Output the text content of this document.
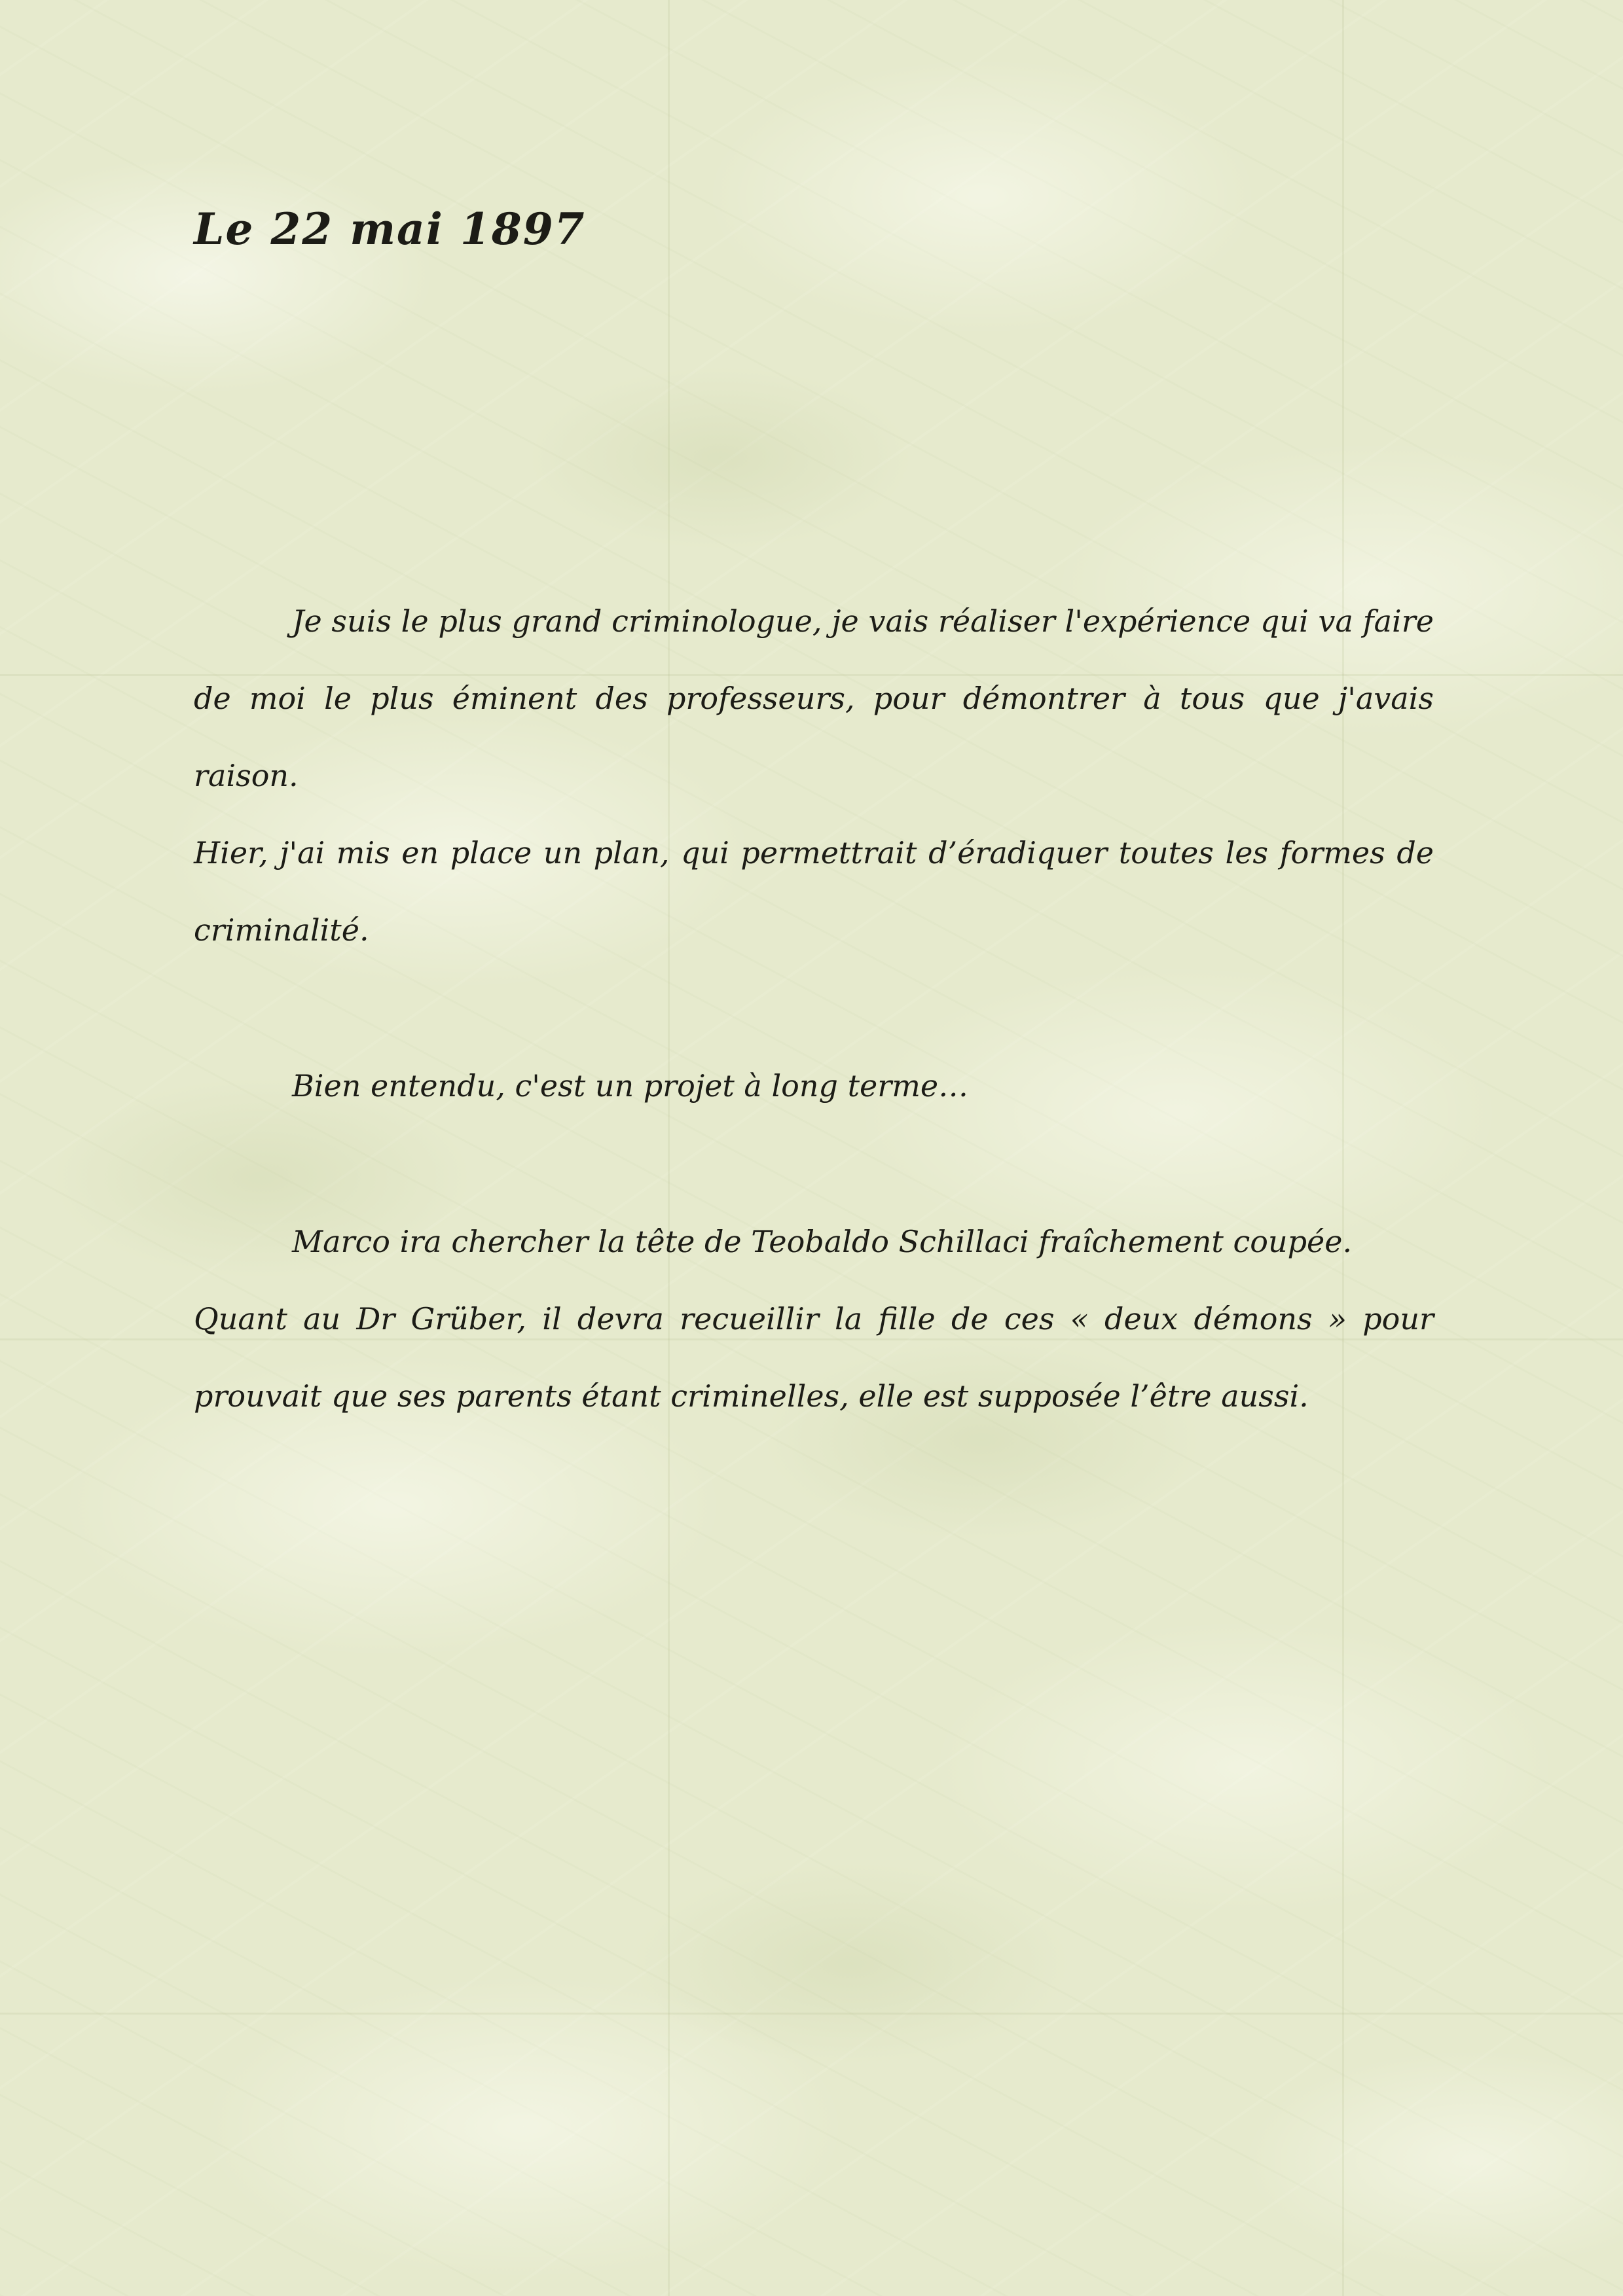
Le 22 mai 1897

Je suis le plus grand criminologue, je vais réaliser l'expérience qui va faire de moi le plus éminent des professeurs, pour démontrer à tous que j'avais raison.

Hier, j'ai mis en place un plan, qui permettrait d’éradiquer toutes les formes de criminalité.

Bien entendu, c'est un projet à long terme…

Marco ira chercher la tête de Teobaldo Schillaci fraîchement coupée.

Quant au Dr Grüber, il devra recueillir la fille de ces « deux démons » pour prouvait que ses parents étant criminelles, elle est supposée l’être aussi.
